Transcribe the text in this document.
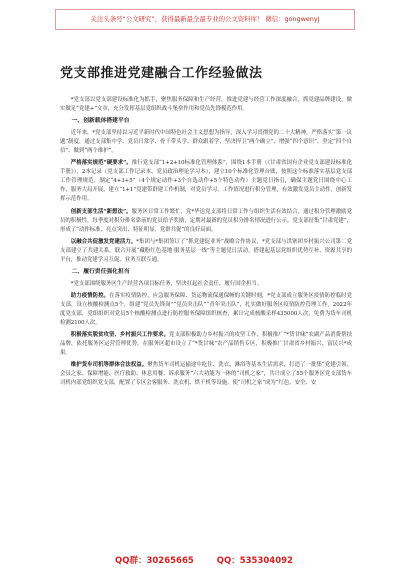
关注头条号“公文研究”，获得最新最全最专业的公文资料库！ 微信：gongwenyj
党支部推进党建融合工作经验做法

*党支部以党支部建设标准化为抓手，聚焦服务保障和生产经营，推进党建与经营工作深度融合，抓党建品牌建设，做实做足“党建+”文章，充分发挥基层党组织战斗堡垒作用和党员先锋模范作用。

一、创新载体搭建平台

近年来，*党支部坚持以习近平新时代中国特色社会主义思想为指导，深入学习贯彻党的二十大精神，严格落实“第一议题”制度，通过支部集中学、党员日常学、骨干带头学、群众跟着学，坚决捍卫“两个确立”、增强“四个意识”、坚定“四个自信”、做到“两个维护”。

严格落实规范“硬要求”。推行党支部“1+2+10标准化管理体系”，围绕1本手册（《甘肃省国有企业党支部建设标准化手册》）、2本记录（党支部工作记录本、党员政治理论学习本），建立10个标准化管理台账，按照这个标准落实基层党支部工作管理规范。制定“4+3+5”（4个规定动作+3个自选动作+5个特色动作）主题党日指引，确保主题党日围绕中心工作、服务大局开展，建立“1+1”党建带群建工作机制，对党员学习、工作情况进行积分管理，有效激发党员主动性，创新发挥示范作用。

创新支部生活“新想法”。服务区日常工作繁忙，党*华达党支部将日常工作与组织生活有效结合，通过积分管理激励党员的积极性，每季度对积分排名靠前的党员给予奖励，定期对最新的党员积分排名情况进行公示。党支部征集“甘肃党建”，形成了“动作标准、亮点突出、特征明显、党群共促”的良好局面。

以融合共促激发党建活力。*集团与*集团签订了“抓党建促业务”战略合作协议，*党支部与洪寨团乡村振兴公司第二党支部建立了共建关系。联合开展“藏粉红色基地·服务基层一线”等主题党日活动，搭建起基层党组织优势互补、资源共享的平台，推动党建学习互促、业务互联互通。

二、履行责任强化担当

*党支部围绕服务区生产经营各项目标任务，坚决扛起社会责任，履行国企担当。

助力疫情防控。在落实疫情防控，应急服务保障、货运物流保通保畅的关键时刻，*党支部成立服务区疫情防控临时党支部，设立核酸检测点5个，组建“党员先锋岗”“党员突击队”“青年突击队”，扎实做好服务区疫情防控管理工作，2022年度党支部，党组组织对党员5个核酸检测点进行防控服务保障组织核查，累计完成核酸采样435000人次，免费为货车司机检测2100人次。

积极落实脱贫攻坚、乡村振兴工作要求。党支部积极助力乡村振兴的攻坚工作，积极推广“*货甘味”农副产品消费帮扶品牌，依托服务区运营管理优势，在服务区超市设立了“*货甘味”农产品销售专区，积极推广甘肃省乡村振兴、富民兴*成果。

维护货车司机等群体合法权益。聚焦货车司机运输途中吃住、洗衣、淋浴等基本生活需求，打造了一批集“党建引领、会员之家、保障增能、医疗救助、休息用餐、诉求服务”六大功能为一体的“司机之家”，共计成立了55个服务区党支部货车司机内部党组织党支部，配置了专区会客服务、洗衣机、烘干机等设施，使“司机之家”成为“红色、安全、安

QQ群：30265665	QQ：535304092
